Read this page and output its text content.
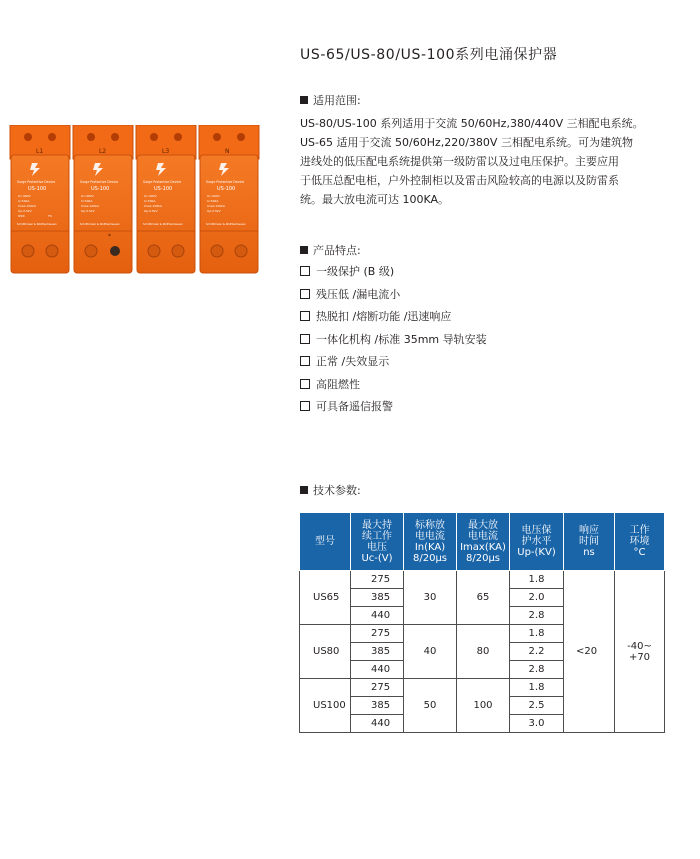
US-65/US-80/US-100系列电涌保护器
L1	L2	L3	N
Surge Protective Device	Surge Protective Device	Surge Protective Device	Surge Protective Device
US-100	US-100	US-100	US-100
Uc:440V
In:50kA
Imax:100kA
Up:2.5kV
IP20	TS
Uc:440V
In:50kA
Imax:100kA
Up:2.5kV
Uc:440V
In:50kA
Imax:100kA
Up:2.5kV
Uc:440V
In:50kA
Imax:100kA
Up:2.5kV
Schrittmeier & Wolfdenhausen	Schrittmeier & Wolfdenhausen	Schrittmeier & Wolfdenhausen	Schrittmeier & Wolfdenhausen
*
适用范围:

US-80/US-100 系列适用于交流 50/60Hz,380/440V 三相配电系统。

US-65 适用于交流 50/60Hz,220/380V 三相配电系统。可为建筑物

进线处的低压配电系统提供第一级防雷以及过电压保护。主要应用

于低压总配电柜，户外控制柜以及雷击风险较高的电源以及防雷系

统。最大放电流可达 100KA。

产品特点:
一级保护 (B 级)
残压低 /漏电流小
热脱扣 /熔断功能 /迅速响应
一体化机构 /标准 35mm 导轨安装
正常 /失效显示
高阻燃性
可具备遥信报警
技术参数:
型号	最大持
续工作
电压
Uc-(V)	标称放
电电流
In(KA)
8/20μs	最大放
电电流
Imax(KA)
8/20μs	电压保
护水平
Up-(KV)	响应
时间
ns	工作
环境
°C

US65	275	30	65	1.8	<20	-40~
+70

	385			2.0		
	440			2.8		
US80	275	40	80	1.8		
	385			2.2		
	440			2.8		
US100	275	50	100	1.8		
	385			2.5		
	440			3.0		
